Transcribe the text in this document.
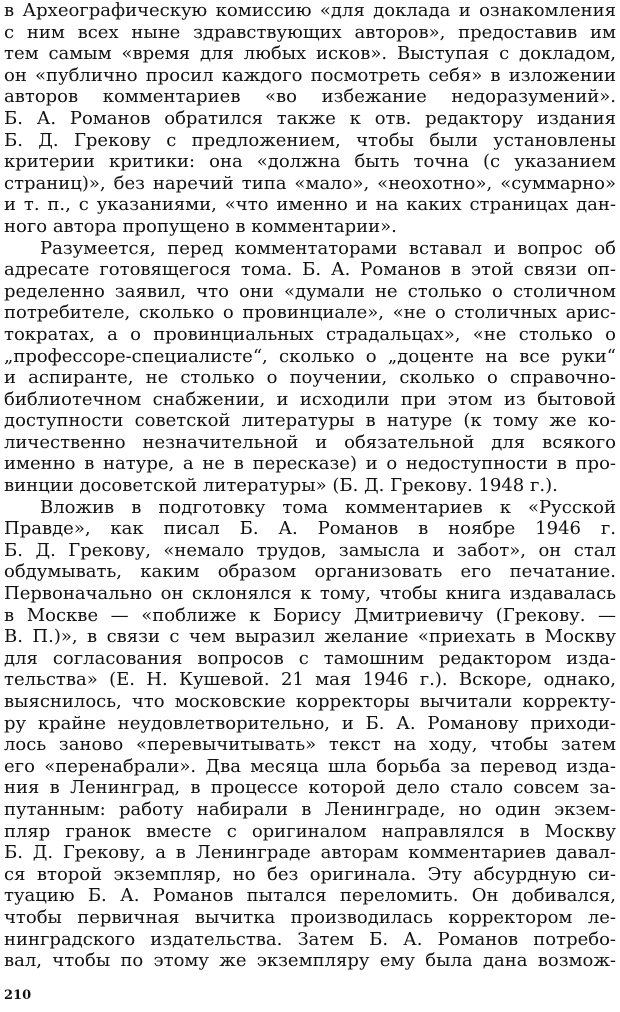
в Археографическую комиссию «для доклада и ознакомления
с ним всех ныне здравствующих авторов», предоставив им
тем самым «время для любых исков». Выступая с докладом,
он «публично просил каждого посмотреть себя» в изложении
авторов комментариев «во избежание недоразумений».
Б. А. Романов обратился также к отв. редактору издания
Б. Д. Грекову с предложением, чтобы были установлены
критерии критики: она «должна быть точна (с указанием
страниц)», без наречий типа «мало», «неохотно», «суммарно»
и т. п., с указаниями, «что именно и на каких страницах дан-
ного автора пропущено в комментарии».
Разумеется, перед комментаторами вставал и вопрос об
адресате готовящегося тома. Б. А. Романов в этой связи оп-
ределенно заявил, что они «думали не столько о столичном
потребителе, сколько о провинциале», «не о столичных арис-
тократах, а о провинциальных страдальцах», «не столько о
„профессоре-специалисте“, сколько о „доценте на все руки“
и аспиранте, не столько о поучении, сколько о справочно-
библиотечном снабжении, и исходили при этом из бытовой
доступности советской литературы в натуре (к тому же ко-
личественно незначительной и обязательной для всякого
именно в натуре, а не в пересказе) и о недоступности в про-
винции досоветской литературы» (Б. Д. Грекову. 1948 г.).
Вложив в подготовку тома комментариев к «Русской
Правде», как писал Б. А. Романов в ноябре 1946 г.
Б. Д. Грекову, «немало трудов, замысла и забот», он стал
обдумывать, каким образом организовать его печатание.
Первоначально он склонялся к тому, чтобы книга издавалась
в Москве — «поближе к Борису Дмитриевичу (Грекову. —
В. П.)», в связи с чем выразил желание «приехать в Москву
для согласования вопросов с тамошним редактором изда-
тельства» (Е. Н. Кушевой. 21 мая 1946 г.). Вскоре, однако,
выяснилось, что московские корректоры вычитали корректу-
ру крайне неудовлетворительно, и Б. А. Романову приходи-
лось заново «перевычитывать» текст на ходу, чтобы затем
его «перенабрали». Два месяца шла борьба за перевод изда-
ния в Ленинград, в процессе которой дело стало совсем за-
путанным: работу набирали в Ленинграде, но один экзем-
пляр гранок вместе с оригиналом направлялся в Москву
Б. Д. Грекову, а в Ленинграде авторам комментариев давал-
ся второй экземпляр, но без оригинала. Эту абсурдную си-
туацию Б. А. Романов пытался переломить. Он добивался,
чтобы первичная вычитка производилась корректором ле-
нинградского издательства. Затем Б. А. Романов потребо-
вал, чтобы по этому же экземпляру ему была дана возмож-
210
